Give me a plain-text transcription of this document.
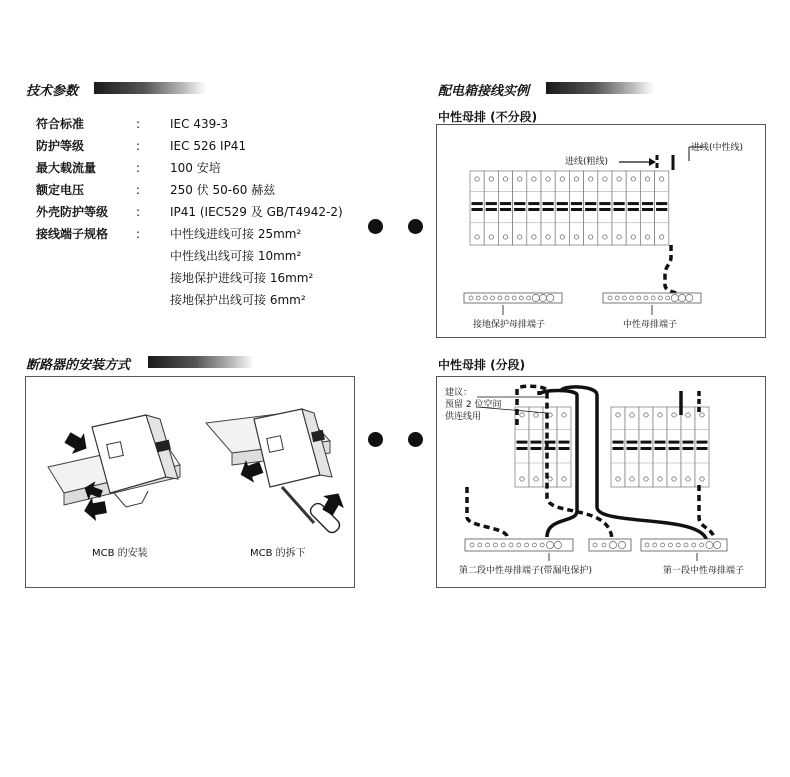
技术参数
符合标准	: IEC 439-3
防护等级	: IEC 526 IP41
最大载流量	: 100 安培
额定电压	: 250 伏 50-60 赫兹
外壳防护等级 : IP41 (IEC529 及 GB/T4942-2)
接线端子规格 : 中性线进线可接 25mm²
中性线出线可接 10mm²
接地保护进线可接 16mm²
接地保护出线可接 6mm²
配电箱接线实例
中性母排 (不分段)
进线(粗线)
进线(中性线)
接地保护母排端子	中性母排端子
断路器的安装方式
MCB 的安装	MCB 的拆下
中性母排 (分段)
建议：
预留 2 位空间
供连线用
第二段中性母排端子(带漏电保护)	第一段中性母排端子
